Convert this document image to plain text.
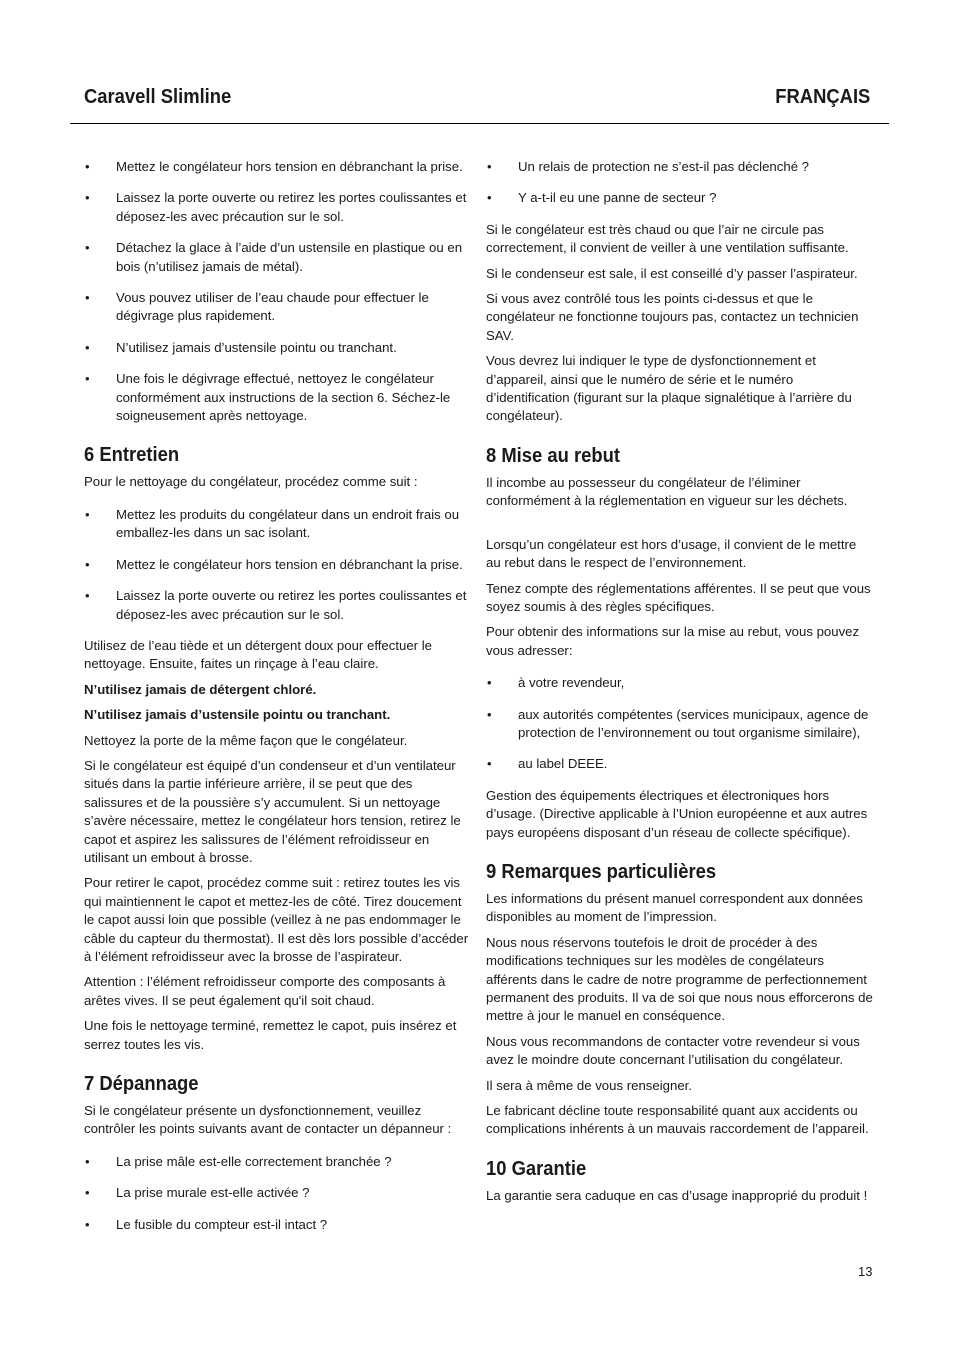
Caravell Slimline	FRANÇAIS
• Mettez le congélateur hors tension en débranchant la prise.
• Laissez la porte ouverte ou retirez les portes coulissantes et déposez-les avec précaution sur le sol.
• Détachez la glace à l’aide d’un ustensile en plastique ou en bois (n’utilisez jamais de métal).
• Vous pouvez utiliser de l’eau chaude pour effectuer le dégivrage plus rapidement.
• N’utilisez jamais d’ustensile pointu ou tranchant.
• Une fois le dégivrage effectué, nettoyez le congélateur conformément aux instructions de la section 6. Séchez-le soigneusement après nettoyage.
6 Entretien

Pour le nettoyage du congélateur, procédez comme suit :

• Mettez les produits du congélateur dans un endroit frais ou emballez-les dans un sac isolant.
• Mettez le congélateur hors tension en débranchant la prise.
• Laissez la porte ouverte ou retirez les portes coulissantes et déposez-les avec précaution sur le sol.

Utilisez de l’eau tiède et un détergent doux pour effectuer le nettoyage. Ensuite, faites un rinçage à l’eau claire.

N’utilisez jamais de détergent chloré.

N’utilisez jamais d’ustensile pointu ou tranchant.

Nettoyez la porte de la même façon que le congélateur.

Si le congélateur est équipé d’un condenseur et d’un ventilateur situés dans la partie inférieure arrière, il se peut que des salissures et de la poussière s’y accumulent. Si un nettoyage s’avère nécessaire, mettez le congélateur hors tension, retirez le capot et aspirez les salissures de l’élément refroidisseur en utilisant un embout à brosse.

Pour retirer le capot, procédez comme suit : retirez toutes les vis qui maintiennent le capot et mettez-les de côté. Tirez doucement le capot aussi loin que possible (veillez à ne pas endommager le câble du capteur du thermostat). Il est dès lors possible d’accéder à l’élément refroidisseur avec la brosse de l’aspirateur.

Attention : l’élément refroidisseur comporte des composants à arêtes vives. Il se peut également qu'il soit chaud.

Une fois le nettoyage terminé, remettez le capot, puis insérez et serrez toutes les vis.

7 Dépannage

Si le congélateur présente un dysfonctionnement, veuillez contrôler les points suivants avant de contacter un dépanneur :

• La prise mâle est-elle correctement branchée ?
• La prise murale est-elle activée ?
• Le fusible du compteur est-il intact ?
• Un relais de protection ne s’est-il pas déclenché ?
• Y a-t-il eu une panne de secteur ?

Si le congélateur est très chaud ou que l’air ne circule pas correctement, il convient de veiller à une ventilation suffisante.

Si le condenseur est sale, il est conseillé d’y passer l’aspirateur.

Si vous avez contrôlé tous les points ci-dessus et que le congélateur ne fonctionne toujours pas, contactez un technicien SAV.

Vous devrez lui indiquer le type de dysfonctionnement et d’appareil, ainsi que le numéro de série et le numéro d’identification (figurant sur la plaque signalétique à l’arrière du congélateur).

8 Mise au rebut

Il incombe au possesseur du congélateur de l’éliminer conformément à la réglementation en vigueur sur les déchets.

Lorsqu’un congélateur est hors d’usage, il convient de le mettre au rebut dans le respect de l’environnement.

Tenez compte des réglementations afférentes. Il se peut que vous soyez soumis à des règles spécifiques.

Pour obtenir des informations sur la mise au rebut, vous pouvez vous adresser:

• à votre revendeur,
• aux autorités compétentes (services municipaux, agence de protection de l’environnement ou tout organisme similaire),
• au label DEEE.

Gestion des équipements électriques et électroniques hors d’usage. (Directive applicable à l’Union européenne et aux autres pays européens disposant d’un réseau de collecte spécifique).

9 Remarques particulières

Les informations du présent manuel correspondent aux données disponibles au moment de l’impression.

Nous nous réservons toutefois le droit de procéder à des modifications techniques sur les modèles de congélateurs afférents dans le cadre de notre programme de perfectionnement permanent des produits. Il va de soi que nous nous efforcerons de mettre à jour le manuel en conséquence.

Nous vous recommandons de contacter votre revendeur si vous avez le moindre doute concernant l’utilisation du congélateur.

Il sera à même de vous renseigner.

Le fabricant décline toute responsabilité quant aux accidents ou complications inhérents à un mauvais raccordement de l’appareil.

10 Garantie

La garantie sera caduque en cas d’usage inapproprié du produit !

13
